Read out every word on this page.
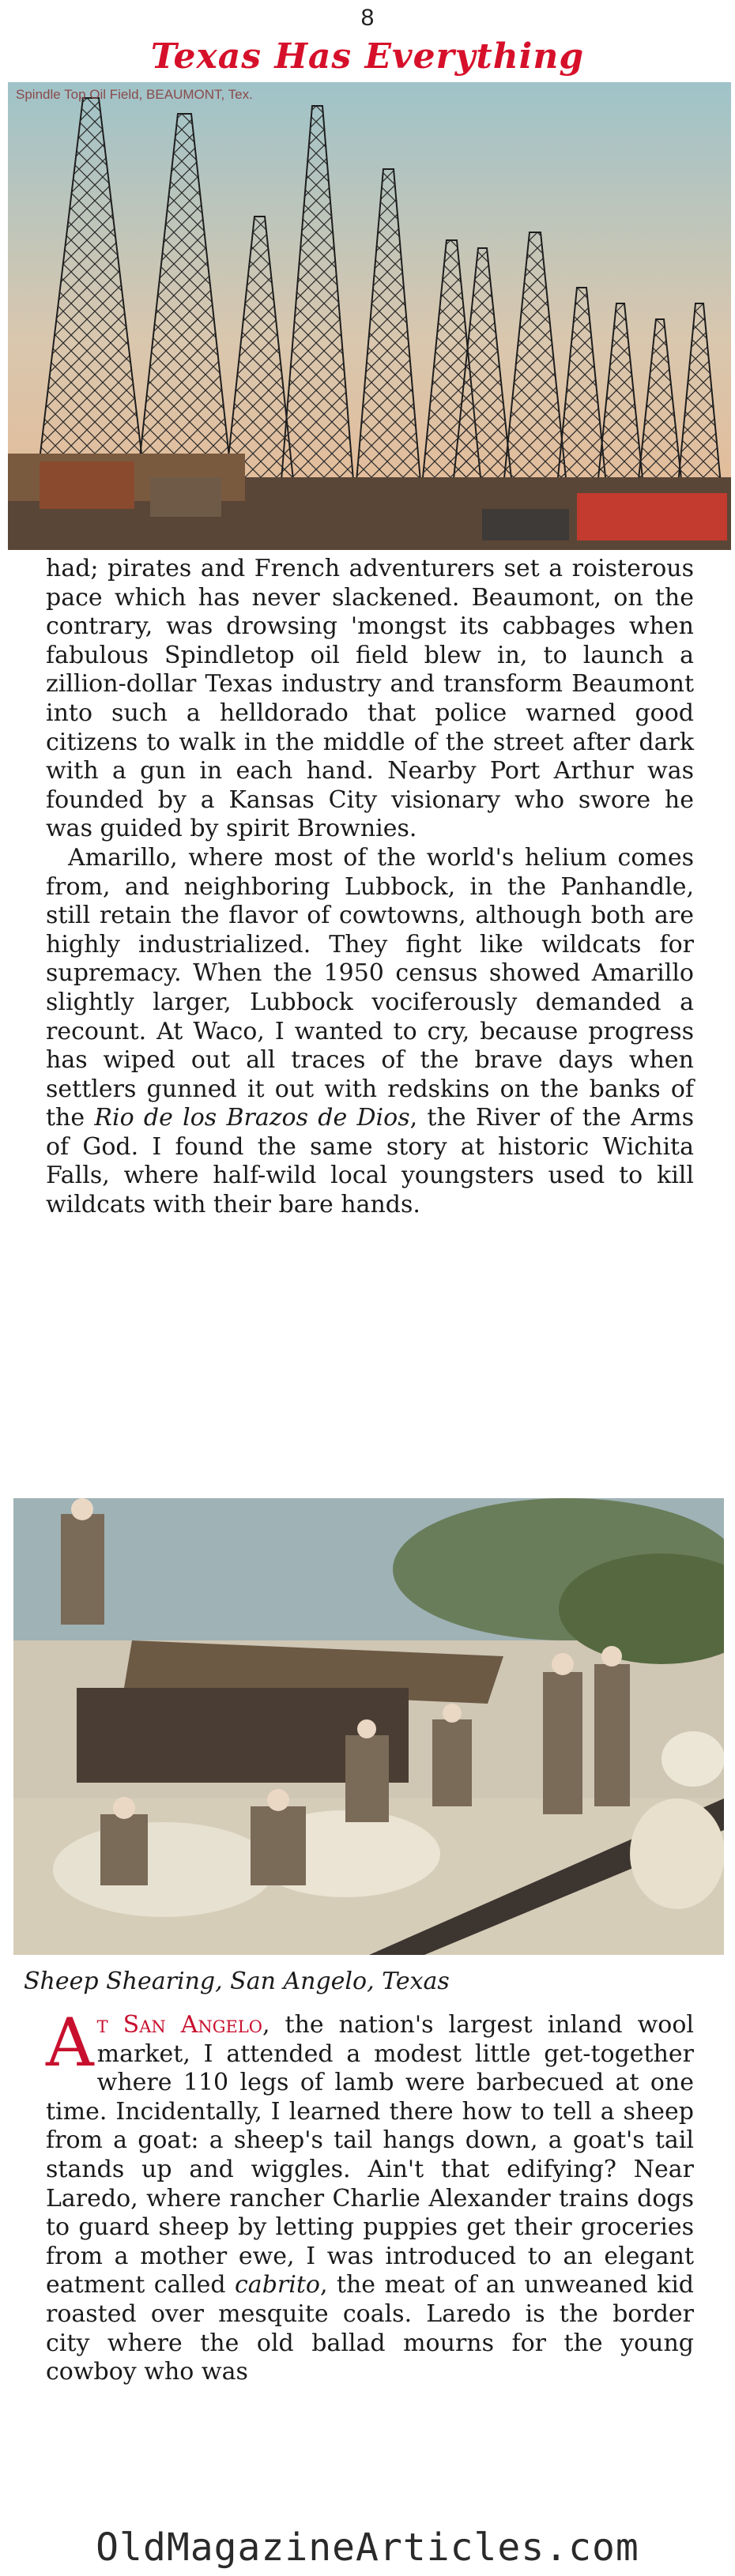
8
Texas Has Everything
Spindle Top Oil Field, BEAUMONT, Tex.

had; pirates and French adventurers set a roisterous pace which has never slackened. Beaumont, on the contrary, was drowsing 'mongst its cabbages when fabulous Spindletop oil field blew in, to launch a zillion-dollar Texas industry and transform Beaumont into such a helldorado that police warned good citizens to walk in the middle of the street after dark with a gun in each hand. Nearby Port Arthur was founded by a Kansas City visionary who swore he was guided by spirit Brownies.

Amarillo, where most of the world's helium comes from, and neighboring Lubbock, in the Panhandle, still retain the flavor of cowtowns, although both are highly industrialized. They fight like wildcats for supremacy. When the 1950 census showed Amarillo slightly larger, Lubbock vociferously demanded a recount. At Waco, I wanted to cry, because progress has wiped out all traces of the brave days when settlers gunned it out with redskins on the banks of the Rio de los Brazos de Dios, the River of the Arms of God. I found the same story at historic Wichita Falls, where half-wild local youngsters used to kill wildcats with their bare hands.

Sheep Shearing, San Angelo, Texas

At San Angelo, the nation's largest inland wool market, I attended a modest little get-together where 110 legs of lamb were barbecued at one time. Incidentally, I learned there how to tell a sheep from a goat: a sheep's tail hangs down, a goat's tail stands up and wiggles. Ain't that edifying? Near Laredo, where rancher Charlie Alexander trains dogs to guard sheep by letting puppies get their groceries from a mother ewe, I was introduced to an elegant eatment called cabrito, the meat of an unweaned kid roasted over mesquite coals. Laredo is the border city where the old ballad mourns for the young cowboy who was

OldMagazineArticles.com
